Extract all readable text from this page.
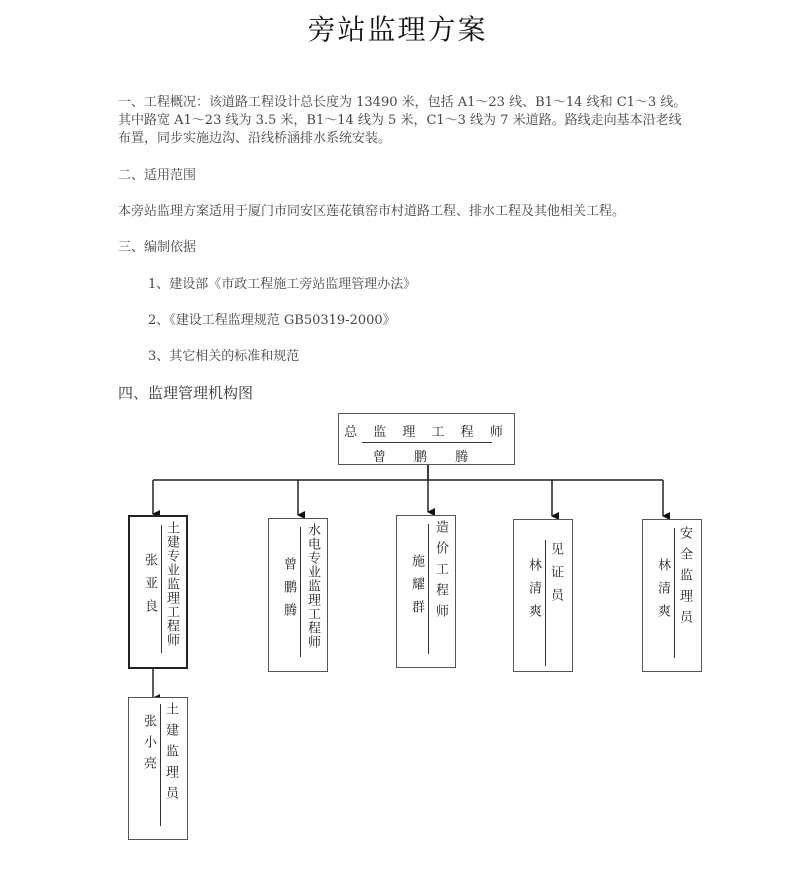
旁站监理方案
一、工程概况：该道路工程设计总长度为 13490 米，包括 A1～23 线、B1～14 线和 C1～3 线。
其中路宽 A1～23 线为 3.5 米，B1～14 线为 5 米，C1～3 线为 7 米道路。路线走向基本沿老线
布置，同步实施边沟、沿线桥涵排水系统安装。
二、适用范围
本旁站监理方案适用于厦门市同安区莲花镇窑市村道路工程、排水工程及其他相关工程。
三、编制依据
1、建设部《市政工程施工旁站监理管理办法》
2、《建设工程监理规范 GB50319-2000》
3、其它相关的标准和规范
四、监理管理机构图
总 监 理 工 程 师
曾 鹏 腾
土建专业监理工程师
张亚良	水电专业监理工程师
曾鹏腾	造价工程师
施耀群	见证员
林清爽	安全监理员
林清爽
土建监理员
张小亮
